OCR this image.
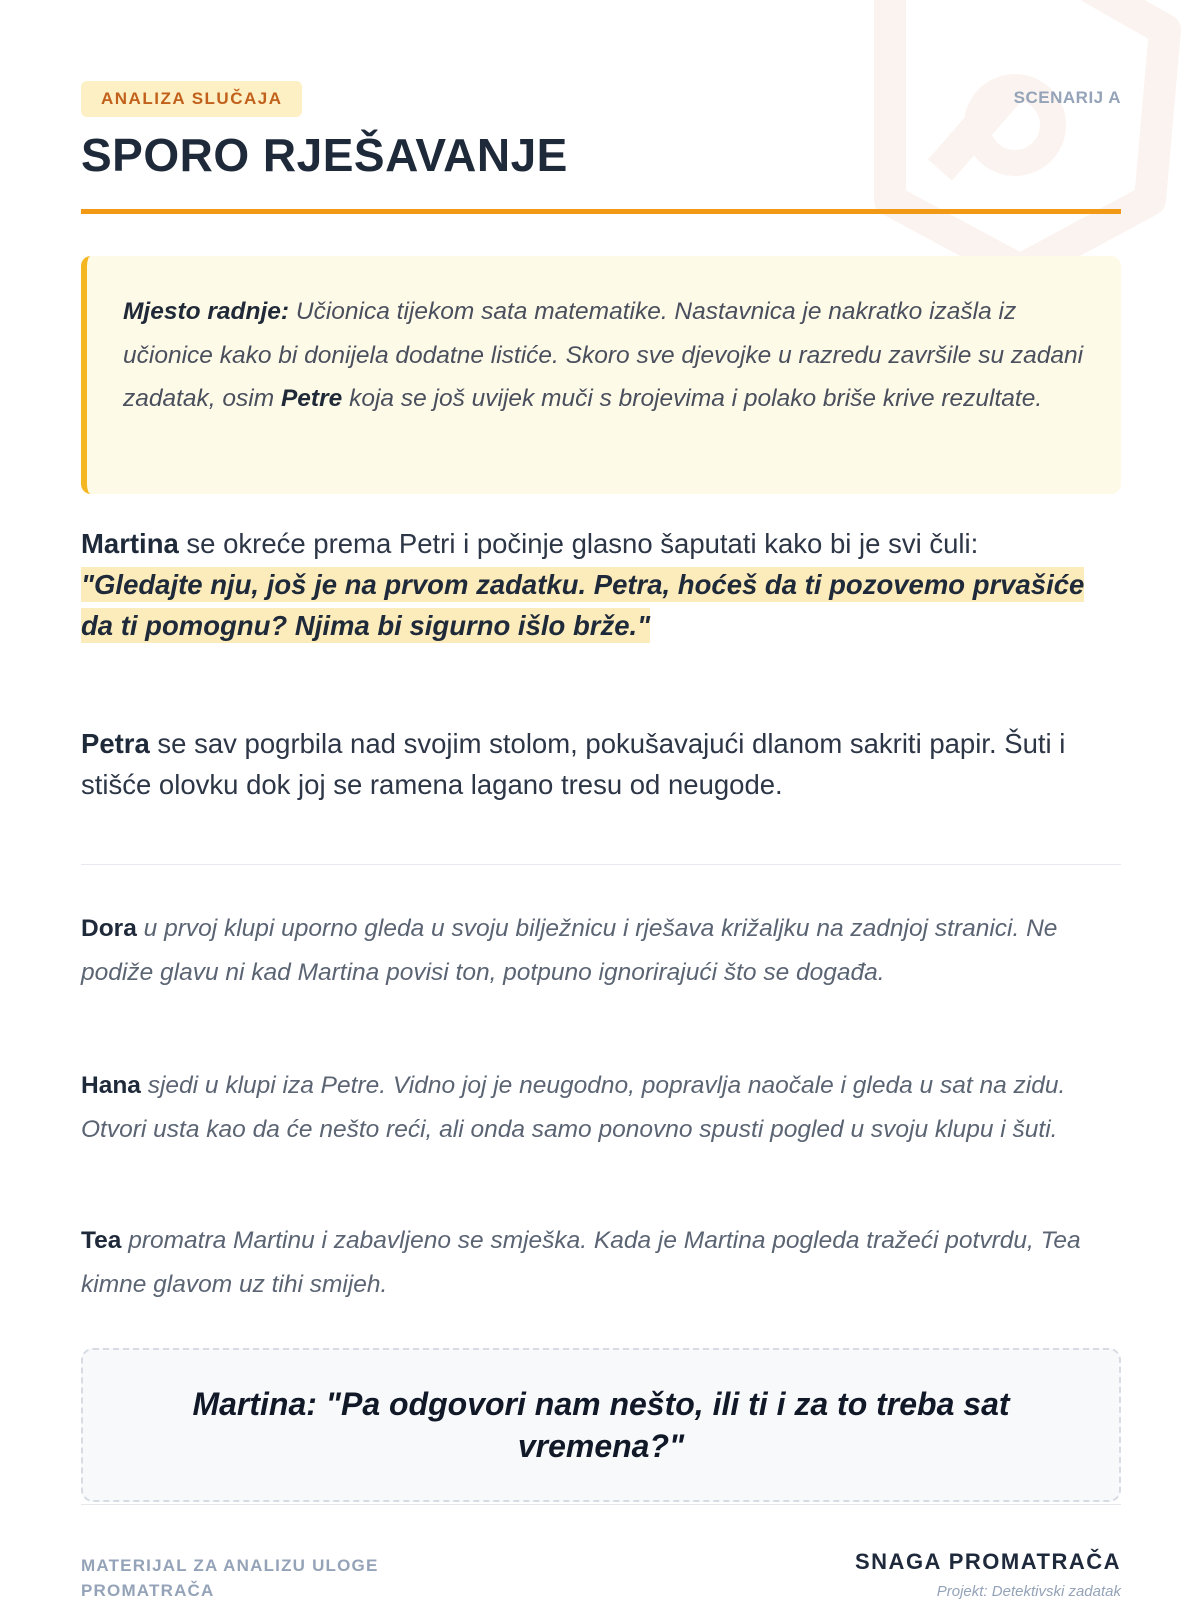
ANALIZA SLUČAJA	SCENARIJ A
SPORO RJEŠAVANJE
Mjesto radnje: Učionica tijekom sata matematike. Nastavnica je nakratko izašla iz učionice kako bi donijela dodatne listiće. Skoro sve djevojke u razredu završile su zadani zadatak, osim Petre koja se još uvijek muči s brojevima i polako briše krive rezultate.
Martina se okreće prema Petri i počinje glasno šaputati kako bi je svi čuli:
"Gledajte nju, još je na prvom zadatku. Petra, hoćeš da ti pozovemo prvašiće da ti pomognu? Njima bi sigurno išlo brže."
Petra se sav pogrbila nad svojim stolom, pokušavajući dlanom sakriti papir. Šuti i stišće olovku dok joj se ramena lagano tresu od neugode.
Dora u prvoj klupi uporno gleda u svoju bilježnicu i rješava križaljku na zadnjoj stranici. Ne podiže glavu ni kad Martina povisi ton, potpuno ignorirajući što se događa.
Hana sjedi u klupi iza Petre. Vidno joj je neugodno, popravlja naočale i gleda u sat na zidu. Otvori usta kao da će nešto reći, ali onda samo ponovno spusti pogled u svoju klupu i šuti.
Tea promatra Martinu i zabavljeno se smješka. Kada je Martina pogleda tražeći potvrdu, Tea kimne glavom uz tihi smijeh.
Martina: "Pa odgovori nam nešto, ili ti i za to treba sat vremena?"
MATERIJAL ZA ANALIZU ULOGE PROMATRAČA
SNAGA PROMATRAČA
Projekt: Detektivski zadatak
